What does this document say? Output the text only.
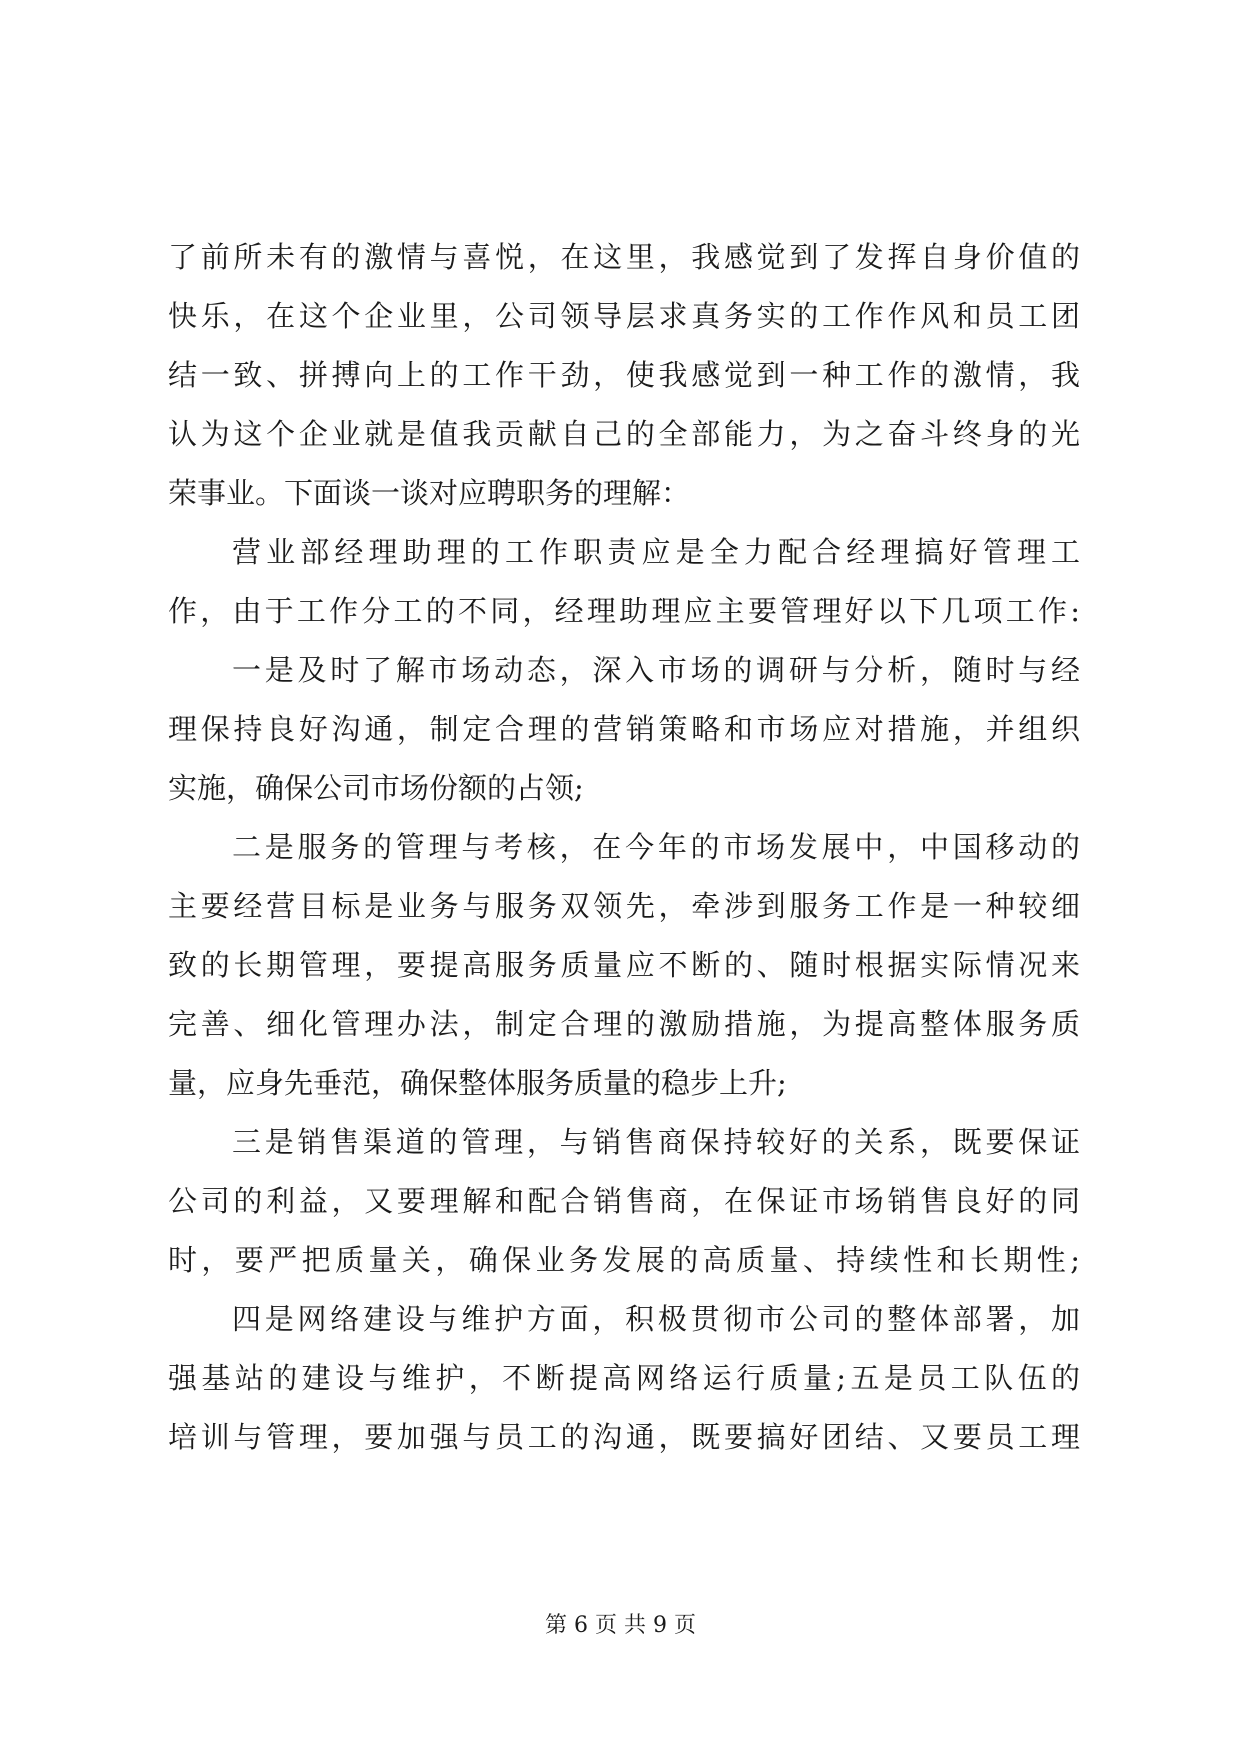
了前所未有的激情与喜悦，在这里，我感觉到了发挥自身价值的
快乐，在这个企业里，公司领导层求真务实的工作作风和员工团
结一致、拼搏向上的工作干劲，使我感觉到一种工作的激情，我
认为这个企业就是值我贡献自己的全部能力，为之奋斗终身的光
荣事业。下面谈一谈对应聘职务的理解：
营业部经理助理的工作职责应是全力配合经理搞好管理工
作，由于工作分工的不同，经理助理应主要管理好以下几项工作:
一是及时了解市场动态，深入市场的调研与分析，随时与经
理保持良好沟通，制定合理的营销策略和市场应对措施，并组织
实施，确保公司市场份额的占领;
二是服务的管理与考核，在今年的市场发展中，中国移动的
主要经营目标是业务与服务双领先，牵涉到服务工作是一种较细
致的长期管理，要提高服务质量应不断的、随时根据实际情况来
完善、细化管理办法，制定合理的激励措施，为提高整体服务质
量，应身先垂范，确保整体服务质量的稳步上升;
三是销售渠道的管理，与销售商保持较好的关系，既要保证
公司的利益，又要理解和配合销售商，在保证市场销售良好的同
时，要严把质量关，确保业务发展的高质量、持续性和长期性;
四是网络建设与维护方面，积极贯彻市公司的整体部署，加
强基站的建设与维护，不断提高网络运行质量;五是员工队伍的
培训与管理，要加强与员工的沟通，既要搞好团结、又要员工理
第 6 页 共 9 页
